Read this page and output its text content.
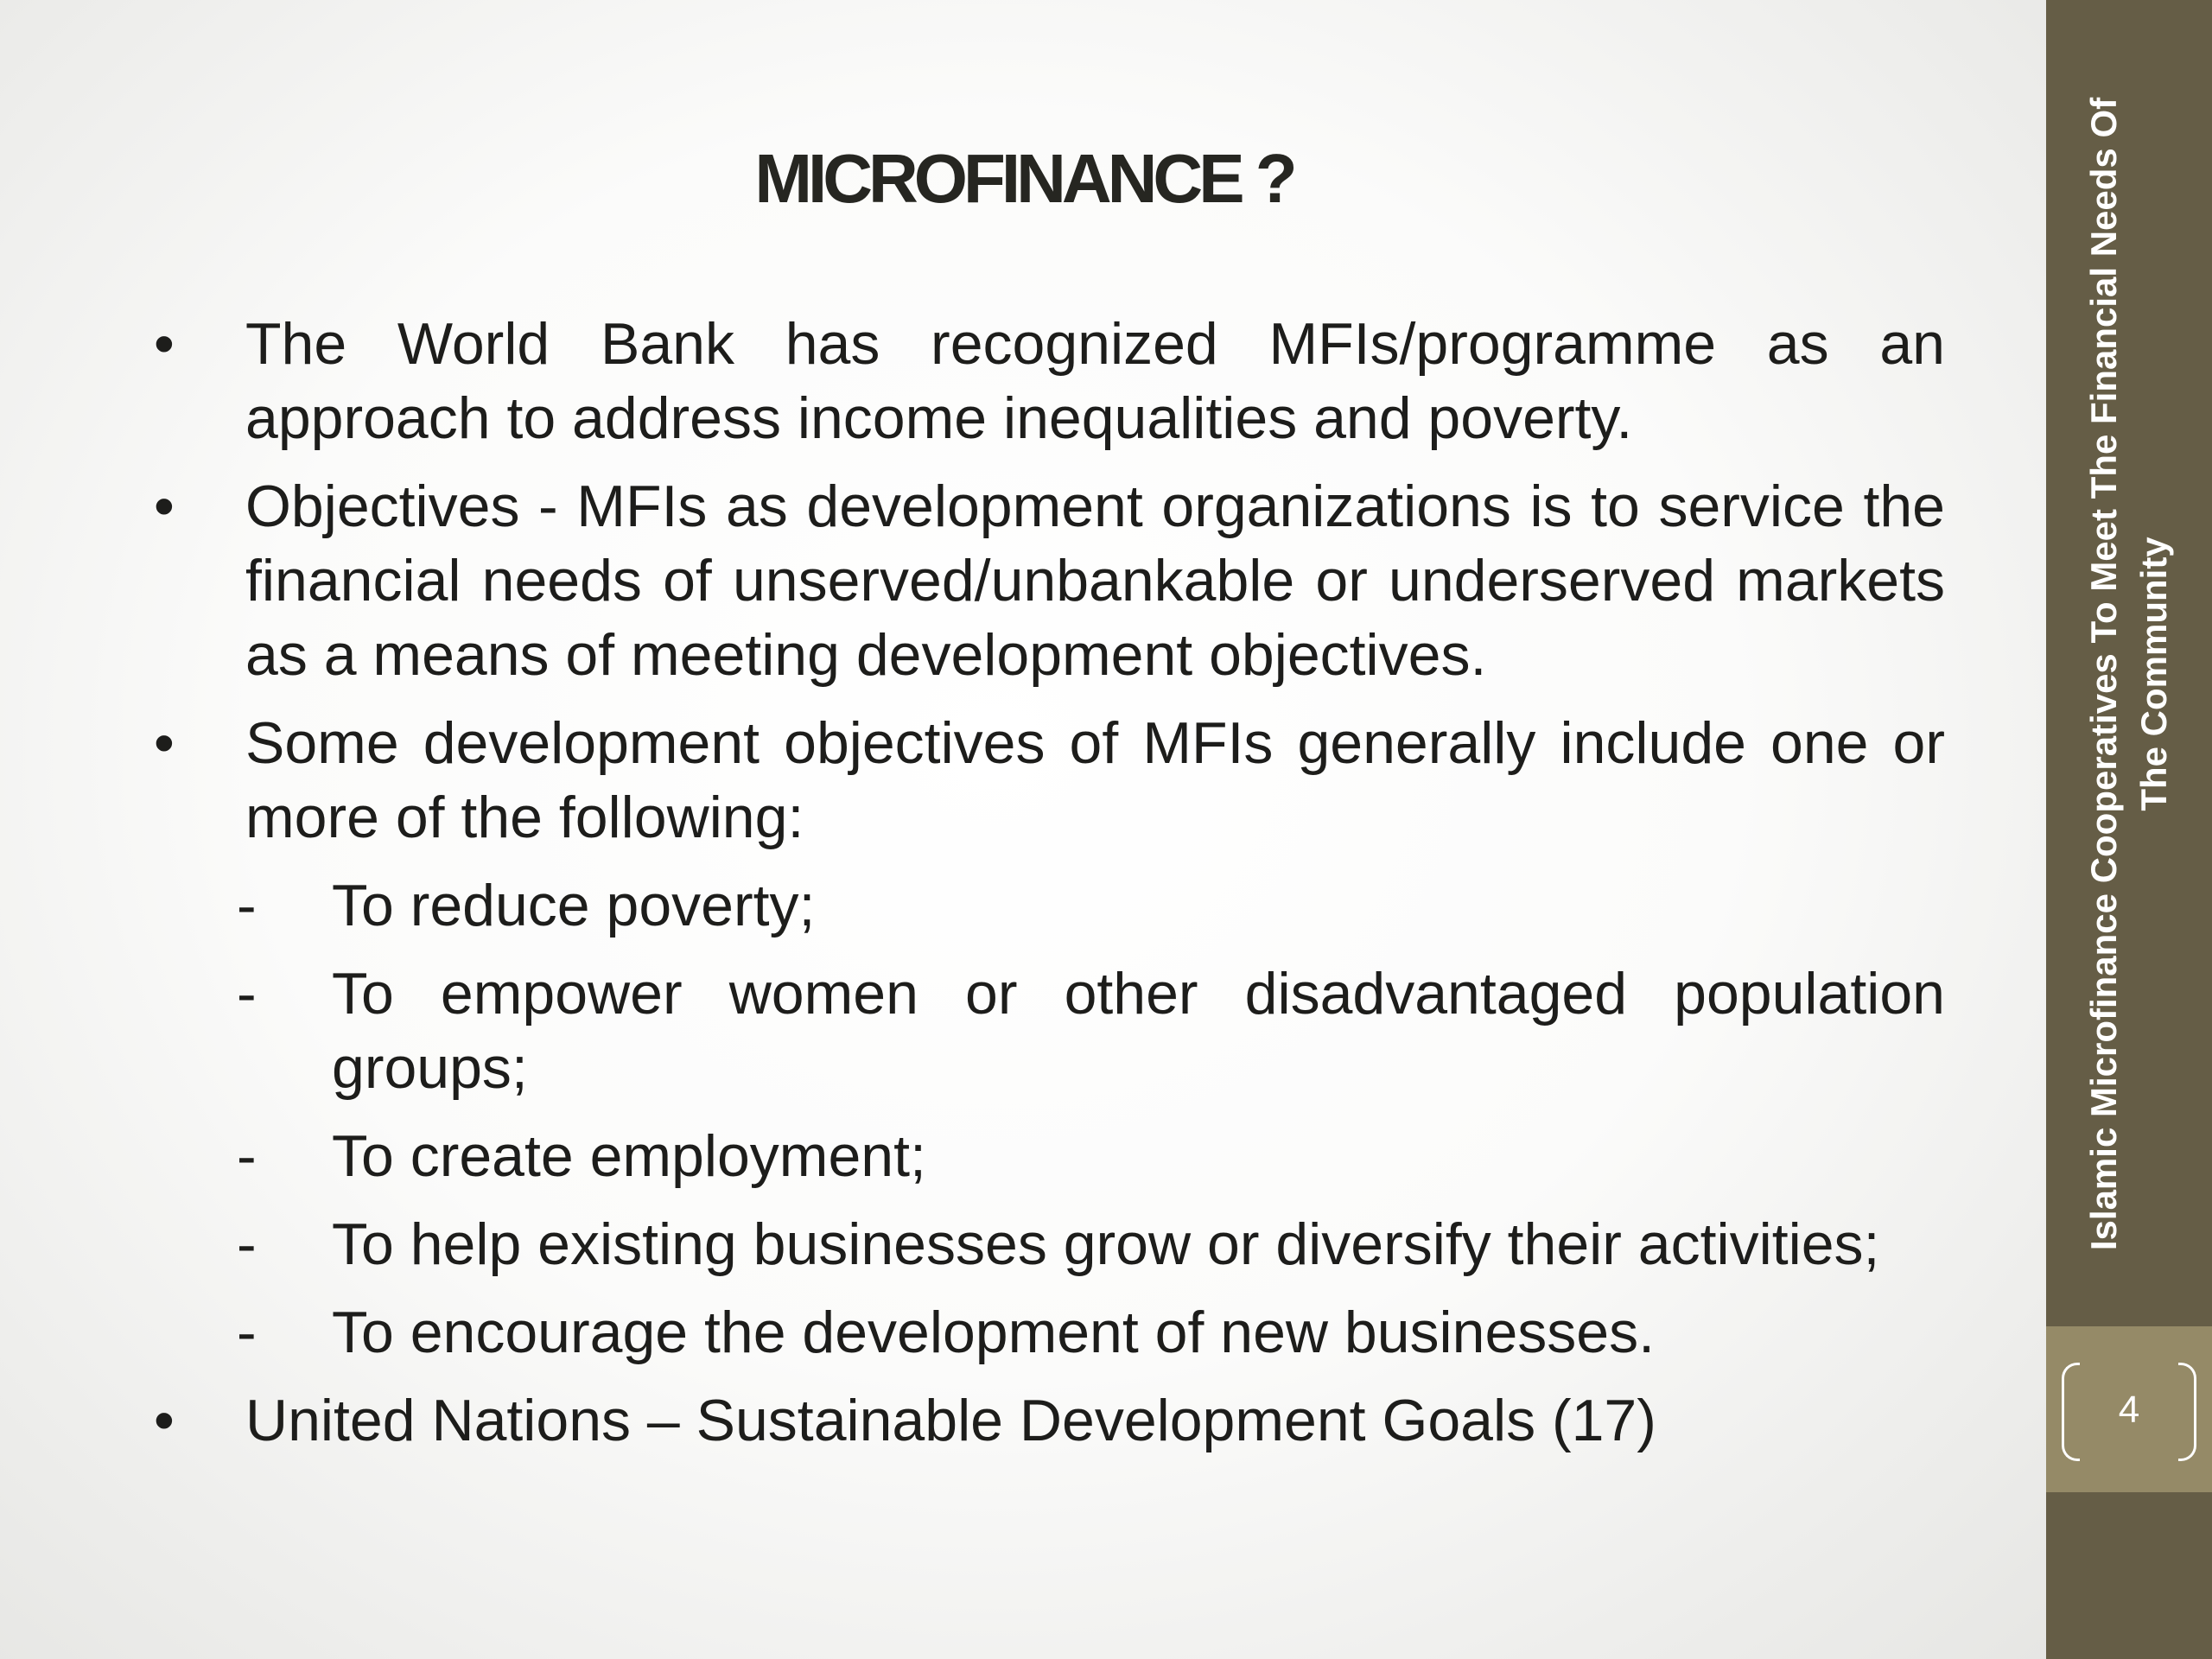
MICROFINANCE ?
• The World Bank has recognized MFIs/programme as an approach to address income inequalities and poverty.
• Objectives - MFIs as development organizations is to service the financial needs of unserved/unbankable or underserved markets as a means of meeting development objectives.
• Some development objectives of MFIs generally include one or more of the following:
- To reduce poverty;
- To empower women or other disadvantaged population groups;
- To create employment;
- To help existing businesses grow or diversify their activities;
- To encourage the development of new businesses.
• United Nations – Sustainable Development Goals (17)
Islamic Microfinance Cooperatives To Meet The Financial Needs Of The Community
4
